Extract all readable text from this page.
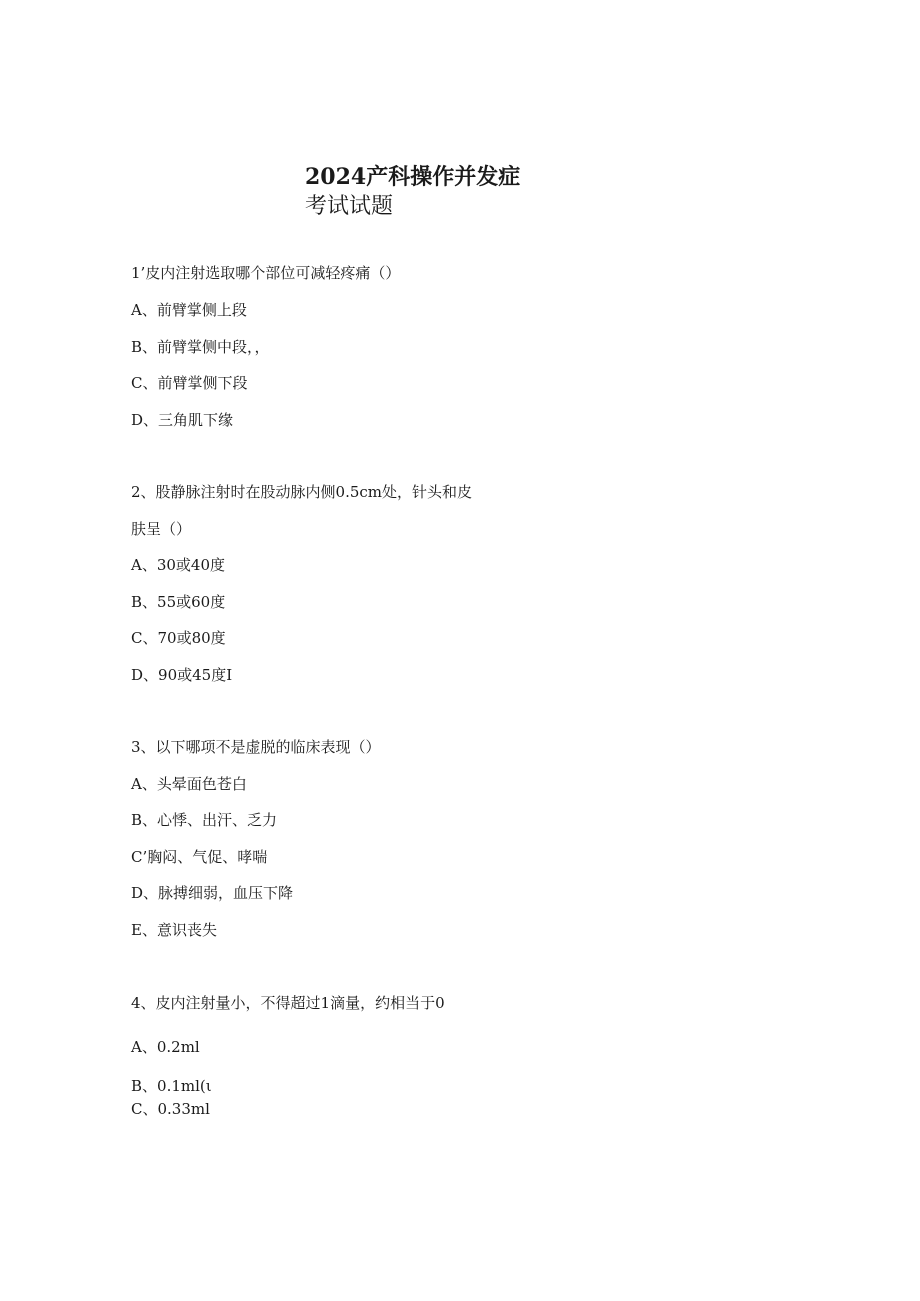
2024产科操作并发症
考试试题
1’皮内注射选取哪个部位可减轻疼痛（）
A、前臂掌侧上段
B、前臂掌侧中段，，
C、前臂掌侧下段
D、三角肌下缘
2、股静脉注射时在股动脉内侧0.5cm处，针头和皮
肤呈（）
A、30或40度
B、55或60度
C、70或80度
D、90或45度I
3、以下哪项不是虚脱的临床表现（）
A、头晕面色苍白
B、心悸、出汗、乏力
C’胸闷、气促、哮喘
D、脉搏细弱，血压下降
E、意识丧失
4、皮内注射量小，不得超过1滴量，约相当于0
A、0.2ml
B、0.1ml(ι
C、0.33ml
